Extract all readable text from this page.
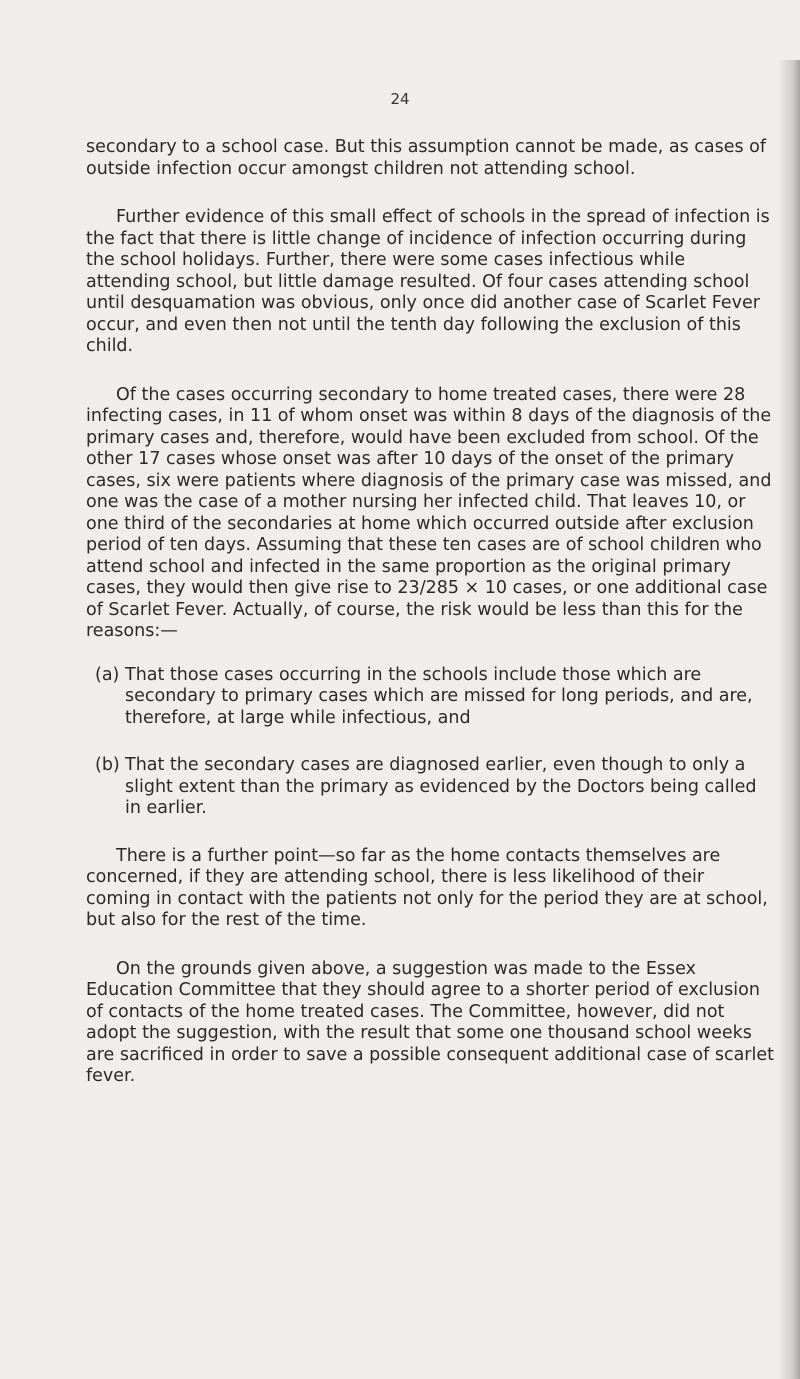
24

secondary to a school case. But this assumption cannot be made, as cases of outside infection occur amongst children not attending school.

Further evidence of this small effect of schools in the spread of infection is the fact that there is little change of incidence of infection occurring during the school holidays. Further, there were some cases infectious while attending school, but little damage resulted. Of four cases attending school until desquamation was obvious, only once did another case of Scarlet Fever occur, and even then not until the tenth day following the exclusion of this child.

Of the cases occurring secondary to home treated cases, there were 28 infecting cases, in 11 of whom onset was within 8 days of the diagnosis of the primary cases and, therefore, would have been excluded from school. Of the other 17 cases whose onset was after 10 days of the onset of the primary cases, six were patients where diagnosis of the primary case was missed, and one was the case of a mother nursing her infected child. That leaves 10, or one third of the secondaries at home which occurred outside after exclusion period of ten days. Assuming that these ten cases are of school children who attend school and infected in the same proportion as the original primary cases, they would then give rise to 23/285 × 10 cases, or one additional case of Scarlet Fever. Actually, of course, the risk would be less than this for the reasons:—

(a) That those cases occurring in the schools include those which are secondary to primary cases which are missed for long periods, and are, therefore, at large while infectious, and
(b) That the secondary cases are diagnosed earlier, even though to only a slight extent than the primary as evidenced by the Doctors being called in earlier.

There is a further point—so far as the home contacts themselves are concerned, if they are attending school, there is less likelihood of their coming in contact with the patients not only for the period they are at school, but also for the rest of the time.

On the grounds given above, a suggestion was made to the Essex Education Committee that they should agree to a shorter period of exclusion of contacts of the home treated cases. The Committee, however, did not adopt the suggestion, with the result that some one thousand school weeks are sacrificed in order to save a possible consequent additional case of scarlet fever.
